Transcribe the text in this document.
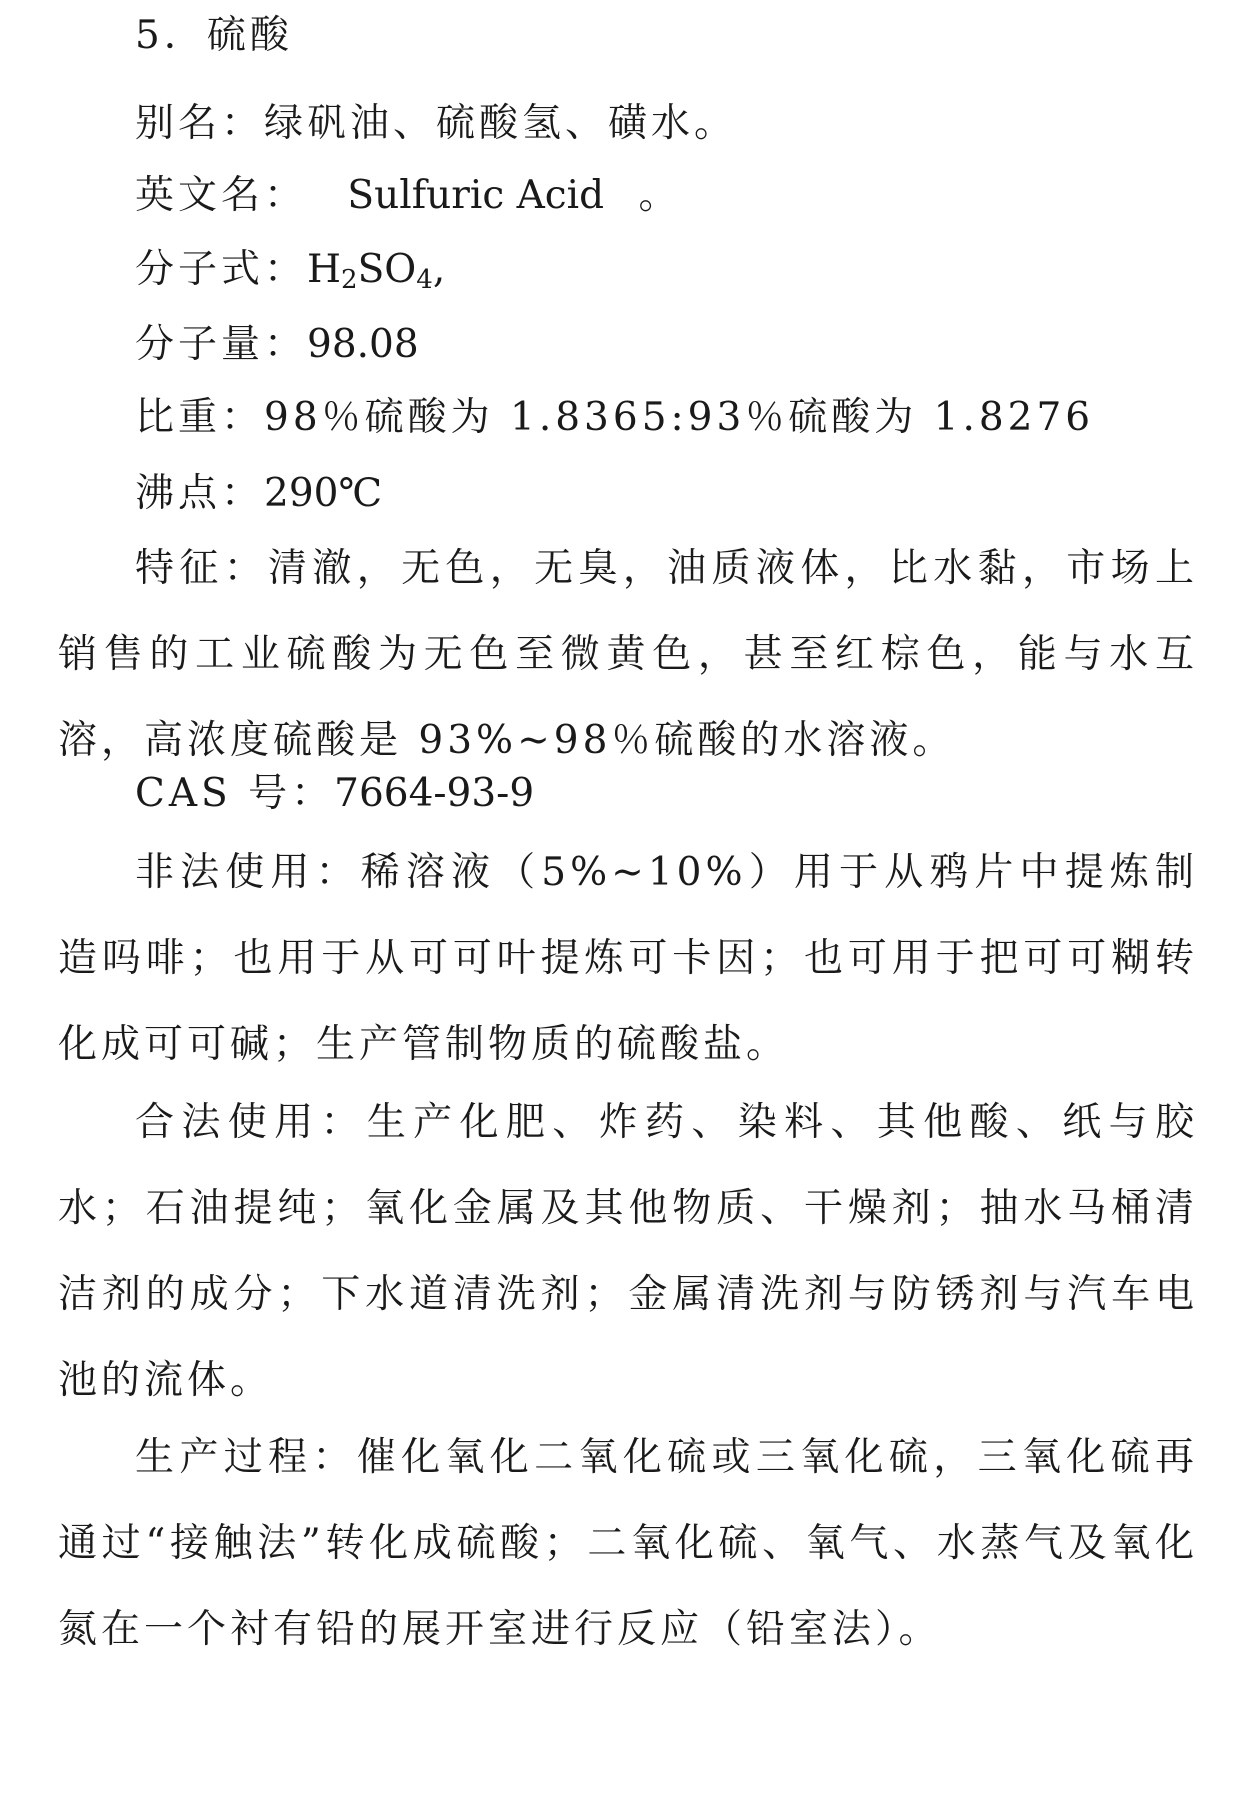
5．硫酸
别名：绿矾油、硫酸氢、磺水。
英文名： Sulfuric Acid 。
分子式：$H_2SO_4$,
分子量：98.08
比重：98％硫酸为 1.8365:93％硫酸为 1.8276
沸点：290℃
特征：清澈，无色，无臭，油质液体，比水黏，市场上销售的工业硫酸为无色至微黄色，甚至红棕色，能与水互溶，高浓度硫酸是 93%~98％硫酸的水溶液。
CAS 号：7664-93-9
非法使用：稀溶液（5%~10%）用于从鸦片中提炼制造吗啡；也用于从可可叶提炼可卡因；也可用于把可可糊转化成可可碱；生产管制物质的硫酸盐。
合法使用：生产化肥、炸药、染料、其他酸、纸与胶水；石油提纯；氧化金属及其他物质、干燥剂；抽水马桶清洁剂的成分；下水道清洗剂；金属清洗剂与防锈剂与汽车电池的流体。
生产过程：催化氧化二氧化硫或三氧化硫，三氧化硫再通过“接触法”转化成硫酸；二氧化硫、氧气、水蒸气及氧化氮在一个衬有铅的展开室进行反应（铅室法）。
